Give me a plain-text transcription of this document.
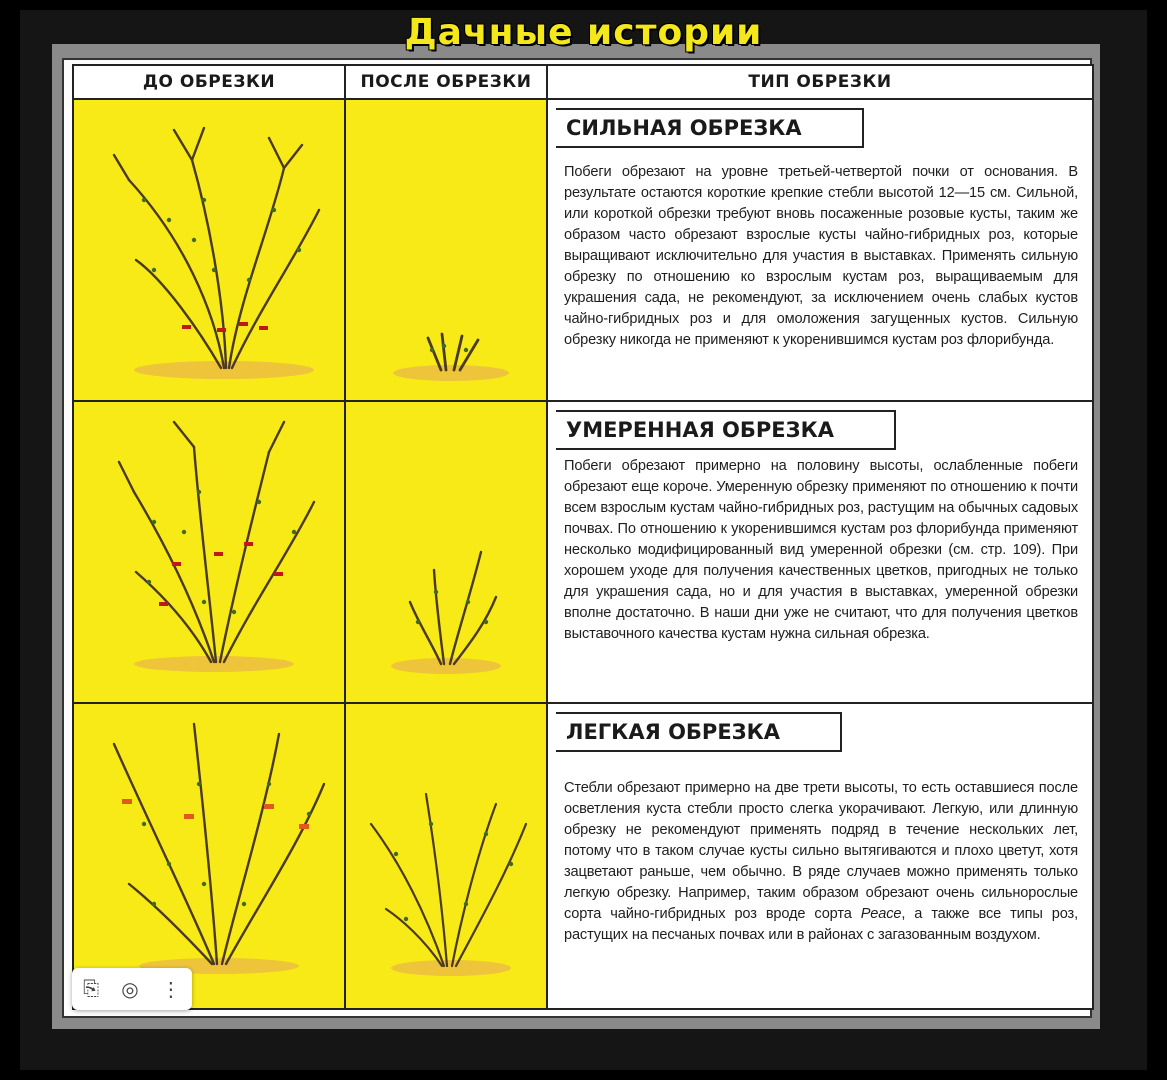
Дачные истории
ДО ОБРЕЗКИ	ПОСЛЕ ОБРЕЗКИ	ТИП ОБРЕЗКИ

	СИЛЬНАЯ ОБРЕЗКА

Побеги обрезают на уровне третьей-четвертой почки от основания. В результате остаются короткие крепкие стебли высотой 12—15 см. Сильной, или короткой обрезки требуют вновь посаженные розовые кусты, таким же образом часто обрезают взрослые кусты чайно-гибридных роз, которые выращивают исключительно для участия в выставках. Применять сильную обрезку по отношению ко взрослым кустам роз, выращиваемым для украшения сада, не рекомендуют, за исключением очень слабых кустов чайно-гибридных роз и для омоложения загущенных кустов. Сильную обрезку никогда не применяют к укоренившимся кустам роз флорибунда.

	УМЕРЕННАЯ ОБРЕЗКА

Побеги обрезают примерно на половину высоты, ослабленные побеги обрезают еще короче. Умеренную обрезку применяют по отношению к почти всем взрослым кустам чайно-гибридных роз, растущим на обычных садовых почвах. По отношению к укоренившимся кустам роз флорибунда применяют несколько модифицированный вид умеренной обрезки (см. стр. 109). При хорошем уходе для получения качественных цветков, пригодных не только для украшения сада, но и для участия в выставках, умеренной обрезки вполне достаточно. В наши дни уже не считают, что для получения цветков выставочного качества кустам нужна сильная обрезка.

	ЛЕГКАЯ ОБРЕЗКА

Стебли обрезают примерно на две трети высоты, то есть оставшиеся после осветления куста стебли просто слегка укорачивают. Легкую, или длинную обрезку не рекомендуют применять подряд в течение нескольких лет, потому что в таком случае кусты сильно вытягиваются и плохо цветут, хотя зацветают раньше, чем обычно. В ряде случаев можно применять только легкую обрезку. Например, таким образом обрезают очень сильнорослые сорта чайно-гибридных роз вроде сорта Peace, а также все типы роз, растущих на песчаных почвах или в районах с загазованным воздухом.

⎘ ◎ ⋮
